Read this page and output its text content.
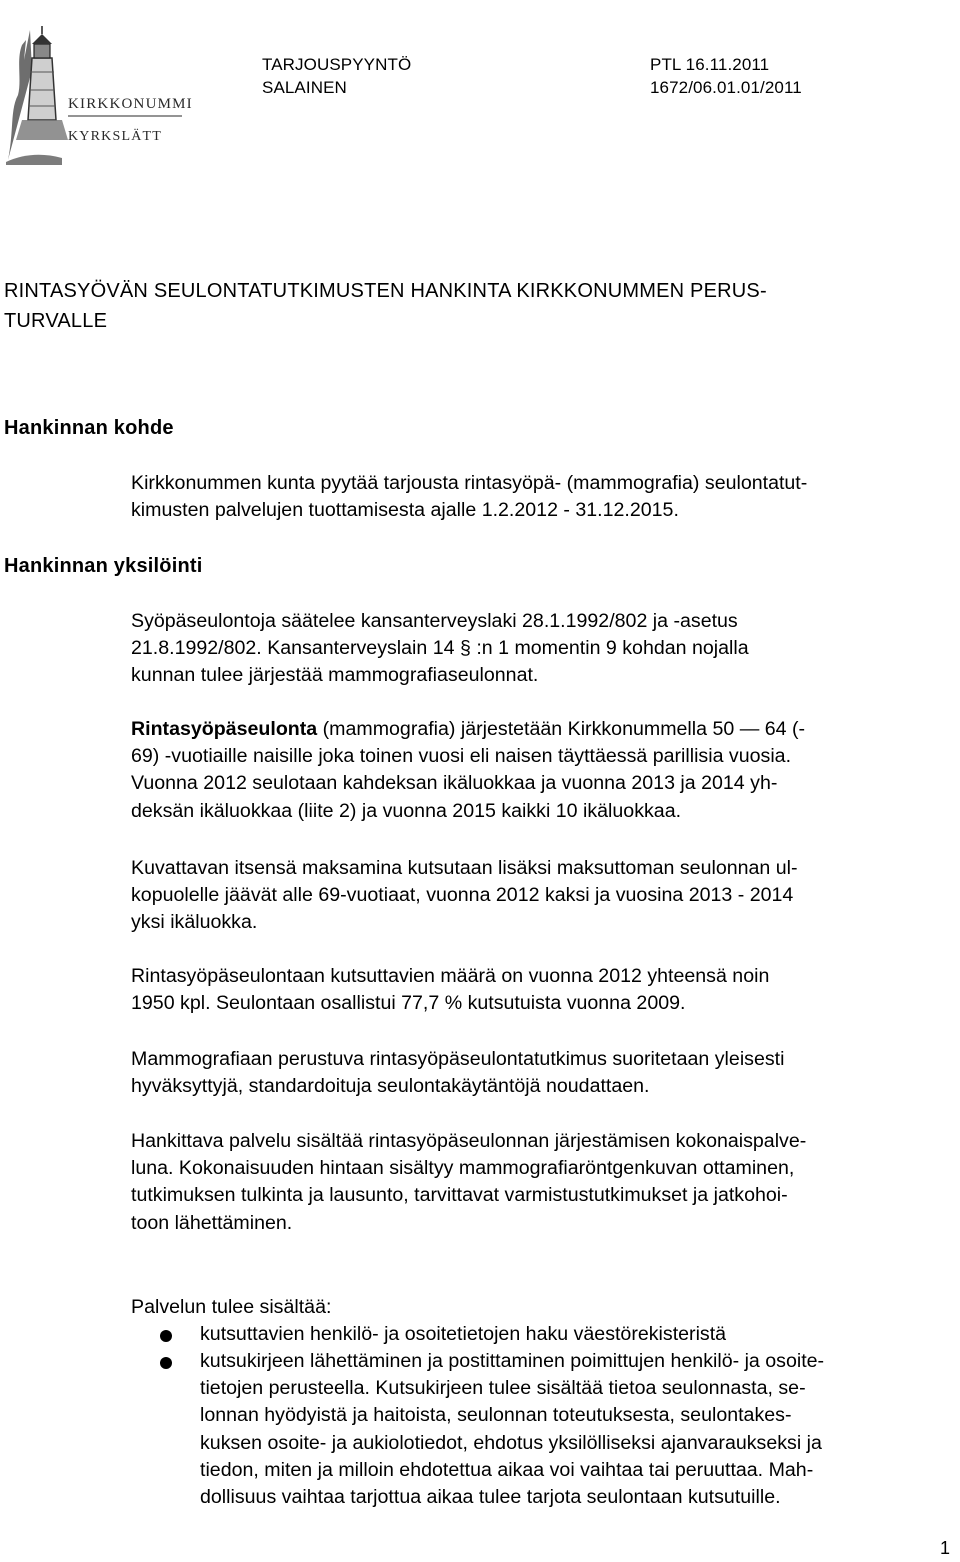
KIRKKONUMMI
KYRKSLÄTT
TARJOUSPYYNTÖ
SALAINEN
PTL 16.11.2011
1672/06.01.01/2011
RINTASYÖVÄN SEULONTATUTKIMUSTEN HANKINTA KIRKKONUMMEN PERUS-
TURVALLE
Hankinnan kohde
Hankinnan yksilöinti
Kirkkonummen kunta pyytää tarjousta rintasyöpä- (mammografia) seulontatut-
kimusten palvelujen tuottamisesta ajalle 1.2.2012 - 31.12.2015.
Syöpäseulontoja säätelee kansanterveyslaki 28.1.1992/802 ja -asetus
21.8.1992/802. Kansanterveyslain 14 § :n 1 momentin 9 kohdan nojalla
kunnan tulee järjestää mammografiaseulonnat.
Rintasyöpäseulonta (mammografia) järjestetään Kirkkonummella 50 — 64 (-
69) -vuotiaille naisille joka toinen vuosi eli naisen täyttäessä parillisia vuosia.
Vuonna 2012 seulotaan kahdeksan ikäluokkaa ja vuonna 2013 ja 2014 yh-
deksän ikäluokkaa (liite 2) ja vuonna 2015 kaikki 10 ikäluokkaa.
Kuvattavan itsensä maksamina kutsutaan lisäksi maksuttoman seulonnan ul-
kopuolelle jäävät alle 69-vuotiaat, vuonna 2012 kaksi ja vuosina 2013 - 2014
yksi ikäluokka.
Rintasyöpäseulontaan kutsuttavien määrä on vuonna 2012 yhteensä noin
1950 kpl. Seulontaan osallistui 77,7 % kutsutuista vuonna 2009.
Mammografiaan perustuva rintasyöpäseulontatutkimus suoritetaan yleisesti
hyväksyttyjä, standardoituja seulontakäytäntöjä noudattaen.
Hankittava palvelu sisältää rintasyöpäseulonnan järjestämisen kokonaispalve-
luna. Kokonaisuuden hintaan sisältyy mammografiaröntgenkuvan ottaminen,
tutkimuksen tulkinta ja lausunto, tarvittavat varmistustutkimukset ja jatkohoi-
toon lähettäminen.
Palvelun tulee sisältää:
kutsuttavien henkilö- ja osoitetietojen haku väestörekisteristä
kutsukirjeen lähettäminen ja postittaminen poimittujen henkilö- ja osoite-
tietojen perusteella. Kutsukirjeen tulee sisältää tietoa seulonnasta, se-
lonnan hyödyistä ja haitoista, seulonnan toteutuksesta, seulontakes-
kuksen osoite- ja aukiolotiedot, ehdotus yksilölliseksi ajanvaraukseksi ja
tiedon, miten ja milloin ehdotettua aikaa voi vaihtaa tai peruuttaa. Mah-
dollisuus vaihtaa tarjottua aikaa tulee tarjota seulontaan kutsutuille.
1
